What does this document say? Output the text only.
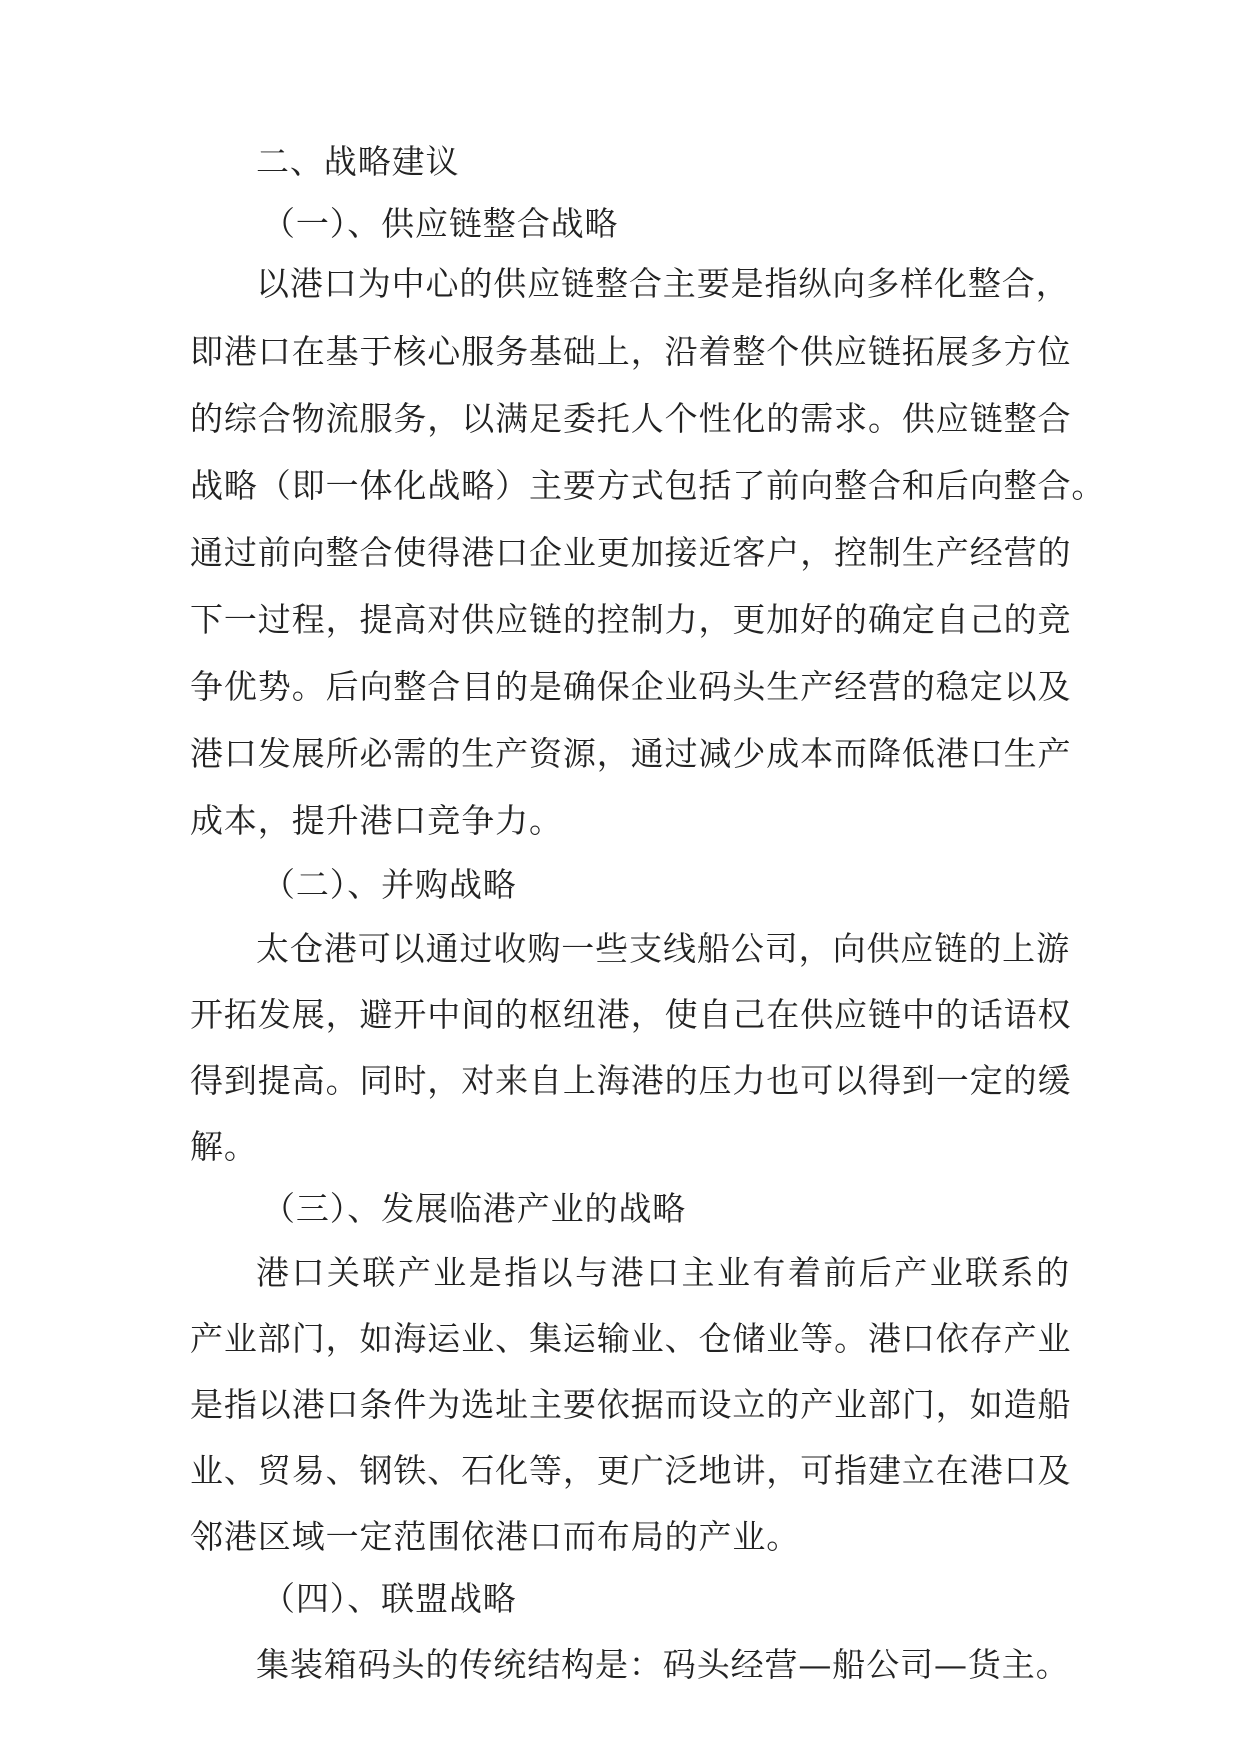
二、战略建议
（一）、供应链整合战略
以港口为中心的供应链整合主要是指纵向多样化整合，
即港口在基于核心服务基础上，沿着整个供应链拓展多方位
的综合物流服务，以满足委托人个性化的需求。供应链整合
战略（即一体化战略）主要方式包括了前向整合和后向整合。
通过前向整合使得港口企业更加接近客户，控制生产经营的
下一过程，提高对供应链的控制力，更加好的确定自己的竞
争优势。后向整合目的是确保企业码头生产经营的稳定以及
港口发展所必需的生产资源，通过减少成本而降低港口生产
成本，提升港口竞争力。
（二）、并购战略
太仓港可以通过收购一些支线船公司，向供应链的上游
开拓发展，避开中间的枢纽港，使自己在供应链中的话语权
得到提高。同时，对来自上海港的压力也可以得到一定的缓
解。
（三）、发展临港产业的战略
港口关联产业是指以与港口主业有着前后产业联系的
产业部门，如海运业、集运输业、仓储业等。港口依存产业
是指以港口条件为选址主要依据而设立的产业部门，如造船
业、贸易、钢铁、石化等，更广泛地讲，可指建立在港口及
邻港区域一定范围依港口而布局的产业。
（四）、联盟战略
集装箱码头的传统结构是：码头经营—船公司—货主。
